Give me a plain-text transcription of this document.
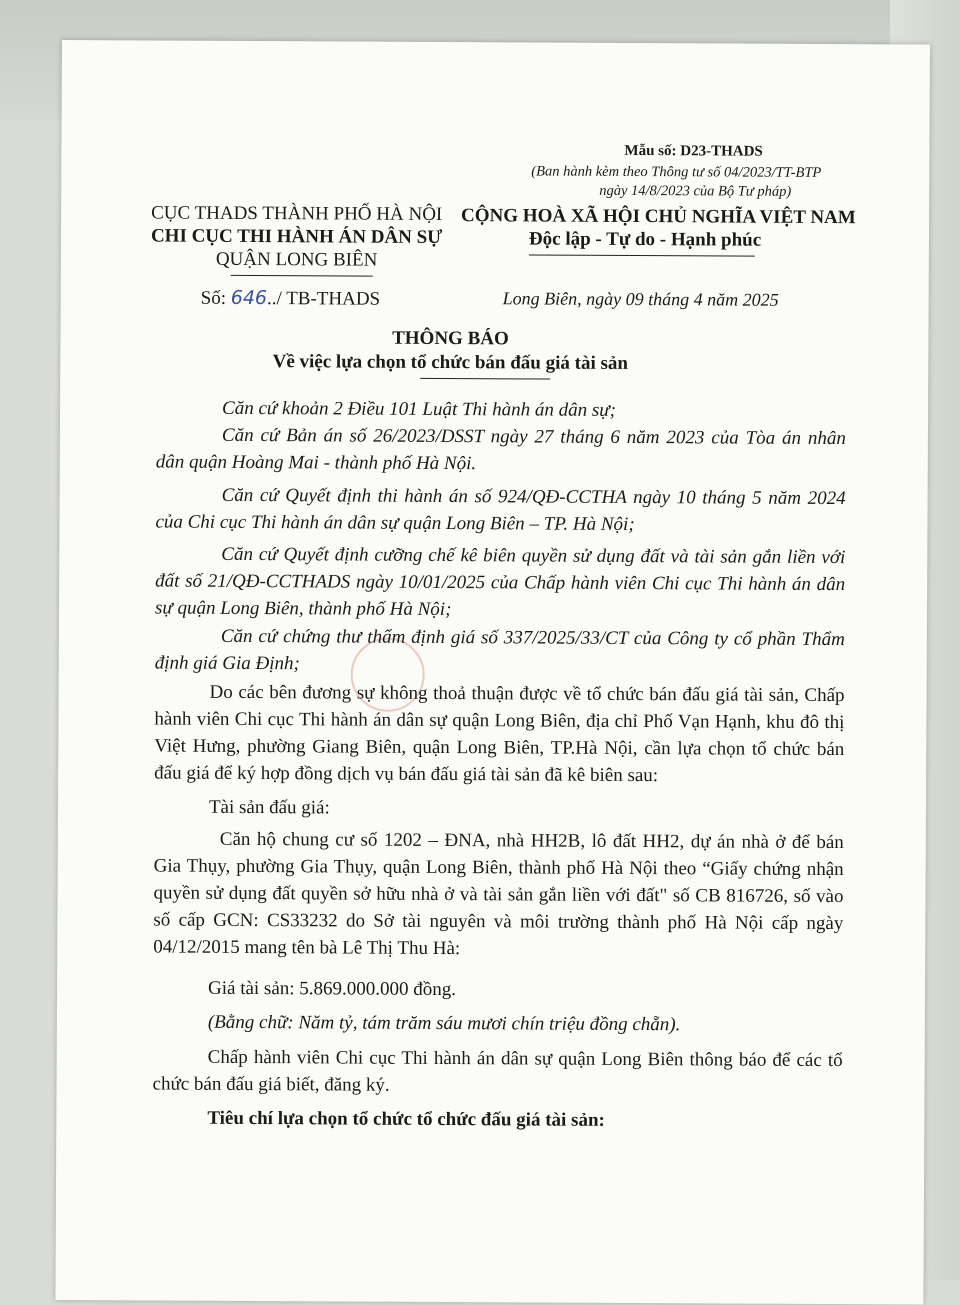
Mẫu số: D23-THADS
(Ban hành kèm theo Thông tư số 04/2023/TT-BTP
ngày 14/8/2023 của Bộ Tư pháp)
CỤC THADS THÀNH PHỐ HÀ NỘI
CHI CỤC THI HÀNH ÁN DÂN SỰ
QUẬN LONG BIÊN
CỘNG HOÀ XÃ HỘI CHỦ NGHĨA VIỆT NAM
Độc lập - Tự do - Hạnh phúc
Số: 646../ TB-THADS	Long Biên, ngày 09 tháng 4 năm 2025
THÔNG BÁO
Về việc lựa chọn tổ chức bán đấu giá tài sản
Căn cứ khoản 2 Điều 101 Luật Thi hành án dân sự;
Căn cứ Bản án số 26/2023/DSST ngày 27 tháng 6 năm 2023 của Tòa án nhân dân quận Hoàng Mai - thành phố Hà Nội.
Căn cứ Quyết định thi hành án số 924/QĐ-CCTHA ngày 10 tháng 5 năm 2024 của Chi cục Thi hành án dân sự quận Long Biên – TP. Hà Nội;
Căn cứ Quyết định cưỡng chế kê biên quyền sử dụng đất và tài sản gắn liền với đất số 21/QĐ-CCTHADS ngày 10/01/2025 của Chấp hành viên Chi cục Thi hành án dân sự quận Long Biên, thành phố Hà Nội;
Căn cứ chứng thư thẩm định giá số 337/2025/33/CT của Công ty cổ phần Thẩm định giá Gia Định;
Do các bên đương sự không thoả thuận được về tổ chức bán đấu giá tài sản, Chấp hành viên Chi cục Thi hành án dân sự quận Long Biên, địa chỉ Phố Vạn Hạnh, khu đô thị Việt Hưng, phường Giang Biên, quận Long Biên, TP.Hà Nội, cần lựa chọn tổ chức bán đấu giá để ký hợp đồng dịch vụ bán đấu giá tài sản đã kê biên sau:
Tài sản đấu giá:
Căn hộ chung cư số 1202 – ĐNA, nhà HH2B, lô đất HH2, dự án nhà ở để bán Gia Thụy, phường Gia Thụy, quận Long Biên, thành phố Hà Nội theo “Giấy chứng nhận quyền sử dụng đất quyền sở hữu nhà ở và tài sản gắn liền với đất" số CB 816726, số vào số cấp GCN: CS33232 do Sở tài nguyên và môi trường thành phố Hà Nội cấp ngày 04/12/2015 mang tên bà Lê Thị Thu Hà:
Giá tài sản: 5.869.000.000 đồng.
(Bằng chữ: Năm tỷ, tám trăm sáu mươi chín triệu đồng chẵn).
Chấp hành viên Chi cục Thi hành án dân sự quận Long Biên thông báo để các tổ chức bán đấu giá biết, đăng ký.
Tiêu chí lựa chọn tổ chức tổ chức đấu giá tài sản:
